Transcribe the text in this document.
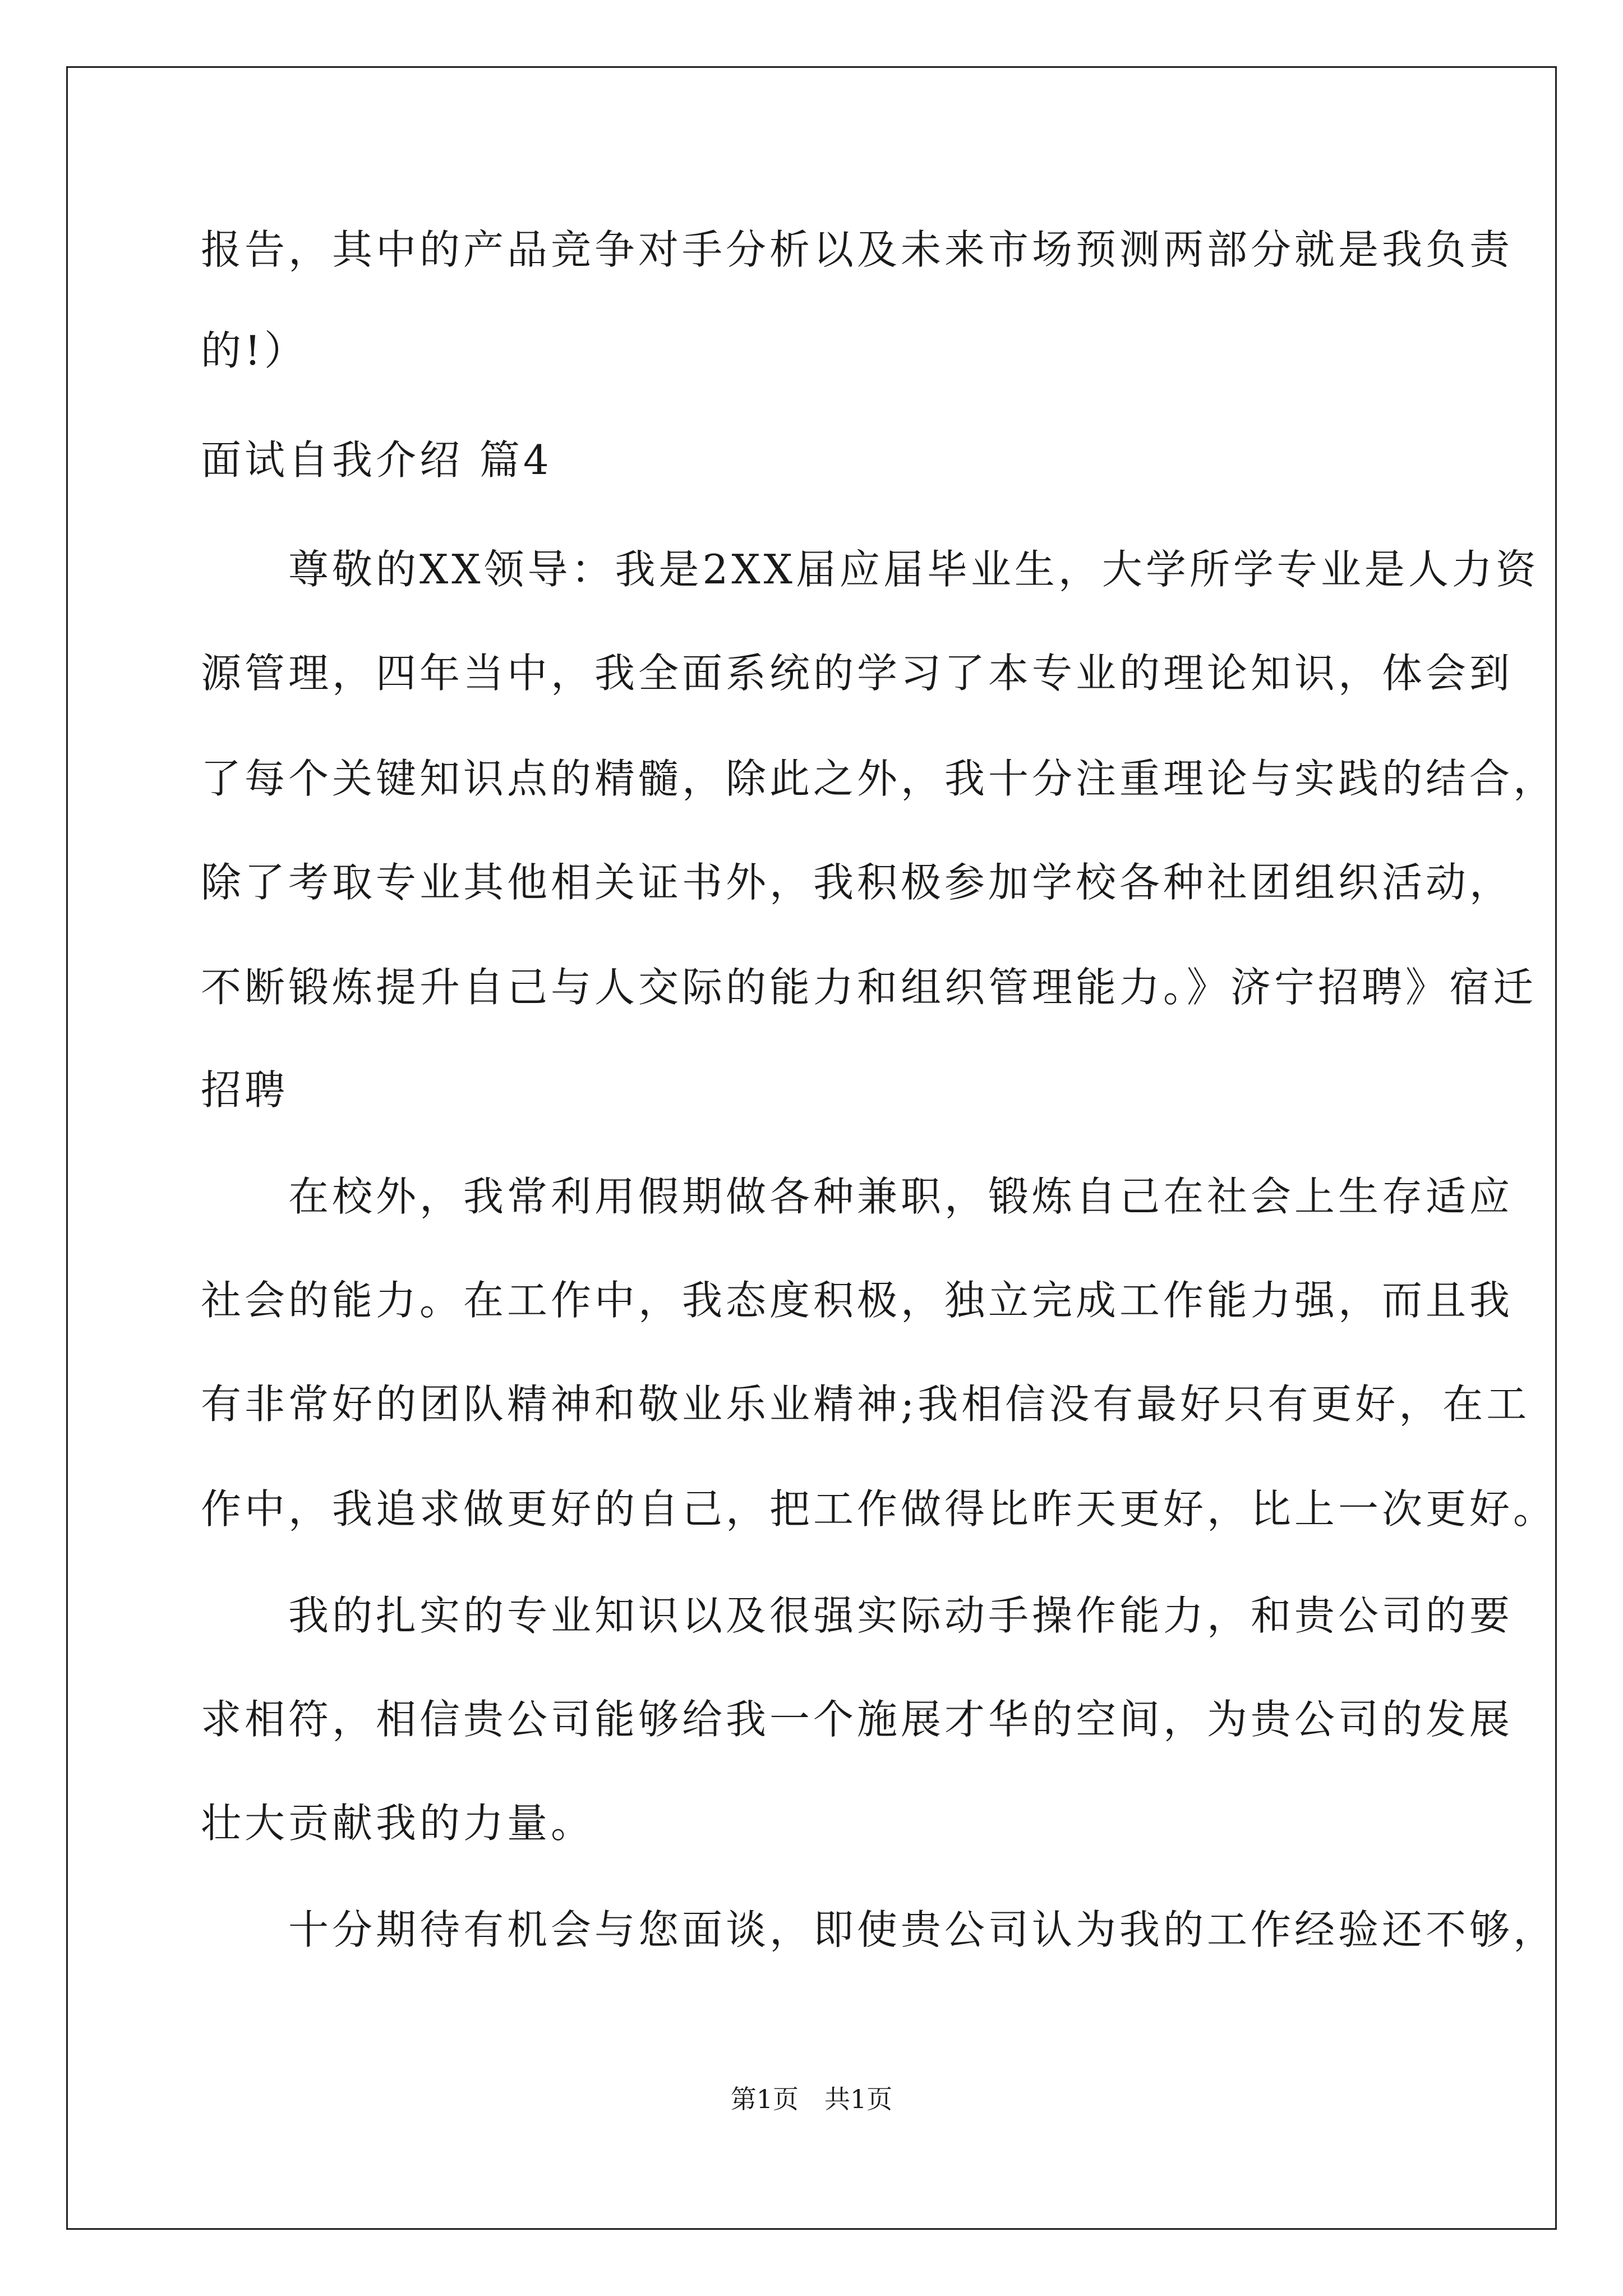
报告，其中的产品竞争对手分析以及未来市场预测两部分就是我负责
的!）
面试自我介绍 篇4
　　尊敬的XX领导：我是2XX届应届毕业生，大学所学专业是人力资
源管理，四年当中，我全面系统的学习了本专业的理论知识，体会到
了每个关键知识点的精髓，除此之外，我十分注重理论与实践的结合，
除了考取专业其他相关证书外，我积极参加学校各种社团组织活动，
不断锻炼提升自己与人交际的能力和组织管理能力。》济宁招聘》宿迁
招聘
　　在校外，我常利用假期做各种兼职，锻炼自己在社会上生存适应
社会的能力。在工作中，我态度积极，独立完成工作能力强，而且我
有非常好的团队精神和敬业乐业精神;我相信没有最好只有更好，在工
作中，我追求做更好的自己，把工作做得比昨天更好，比上一次更好。
　　我的扎实的专业知识以及很强实际动手操作能力，和贵公司的要
求相符，相信贵公司能够给我一个施展才华的空间，为贵公司的发展
壮大贡献我的力量。
　　十分期待有机会与您面谈，即使贵公司认为我的工作经验还不够，
第1页　共1页
